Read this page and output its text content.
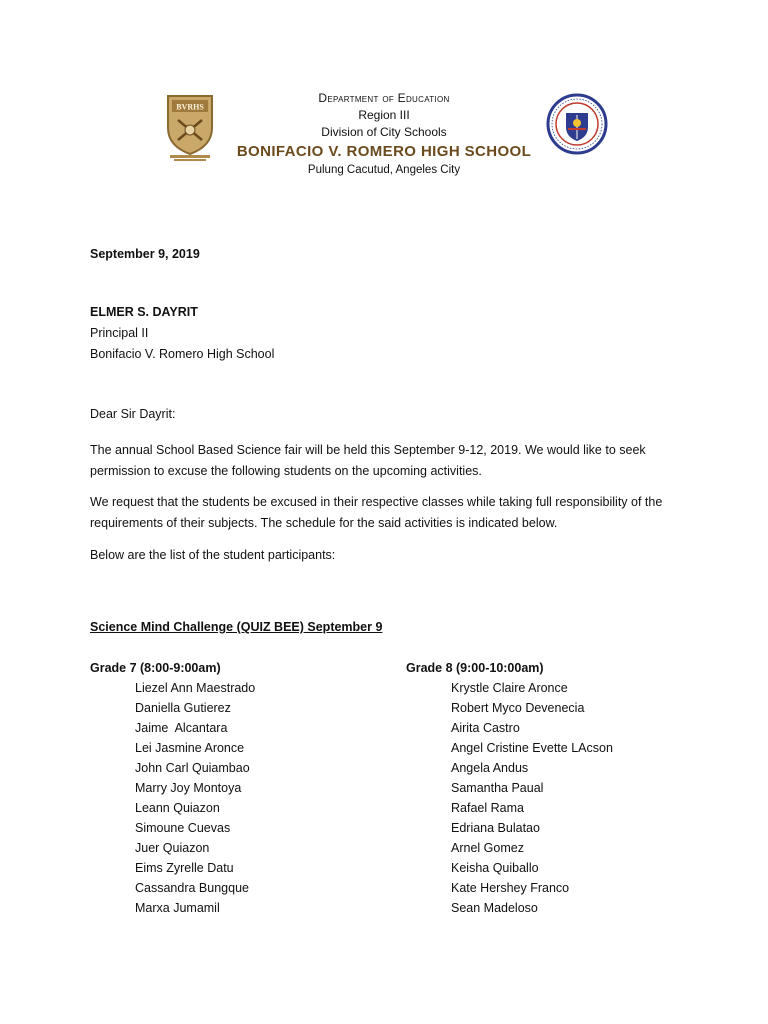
BVRHS
Department of Education
Region III
Division of City Schools
BONIFACIO V. ROMERO HIGH SCHOOL
Pulung Cacutud, Angeles City
September 9, 2019
ELMER S. DAYRIT
Principal II
Bonifacio V. Romero High School
Dear Sir Dayrit:
The annual School Based Science fair will be held this September 9-12, 2019. We would like to seek permission to excuse the following students on the upcoming activities.
We request that the students be excused in their respective classes while taking full responsibility of the requirements of their subjects. The schedule for the said activities is indicated below.
Below are the list of the student participants:
Science Mind Challenge (QUIZ BEE) September 9
Grade 7 (8:00-9:00am)
Liezel Ann Maestrado
Daniella Gutierez
Jaime  Alcantara
Lei Jasmine Aronce
John Carl Quiambao
Marry Joy Montoya
Leann Quiazon
Simoune Cuevas
Juer Quiazon
Eims Zyrelle Datu
Cassandra Bungque
Marxa Jumamil
Grade 8 (9:00-10:00am)
Krystle Claire Aronce
Robert Myco Devenecia
Airita Castro
Angel Cristine Evette LAcson
Angela Andus
Samantha Paual
Rafael Rama
Edriana Bulatao
Arnel Gomez
Keisha Quiballo
Kate Hershey Franco
Sean Madeloso
